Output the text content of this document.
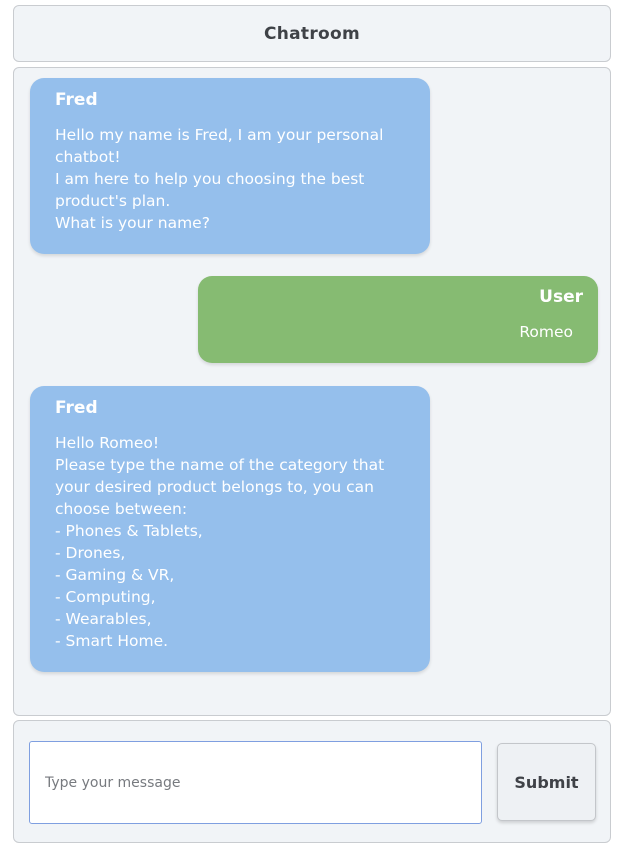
Chatroom
Fred
Hello my name is Fred, I am your personal
chatbot!
I am here to help you choosing the best
product's plan.
What is your name?
User
Romeo
Fred
Hello Romeo!
Please type the name of the category that
your desired product belongs to, you can
choose between:
- Phones & Tablets,
- Drones,
- Gaming & VR,
- Computing,
- Wearables,
- Smart Home.
Type your message
Submit
